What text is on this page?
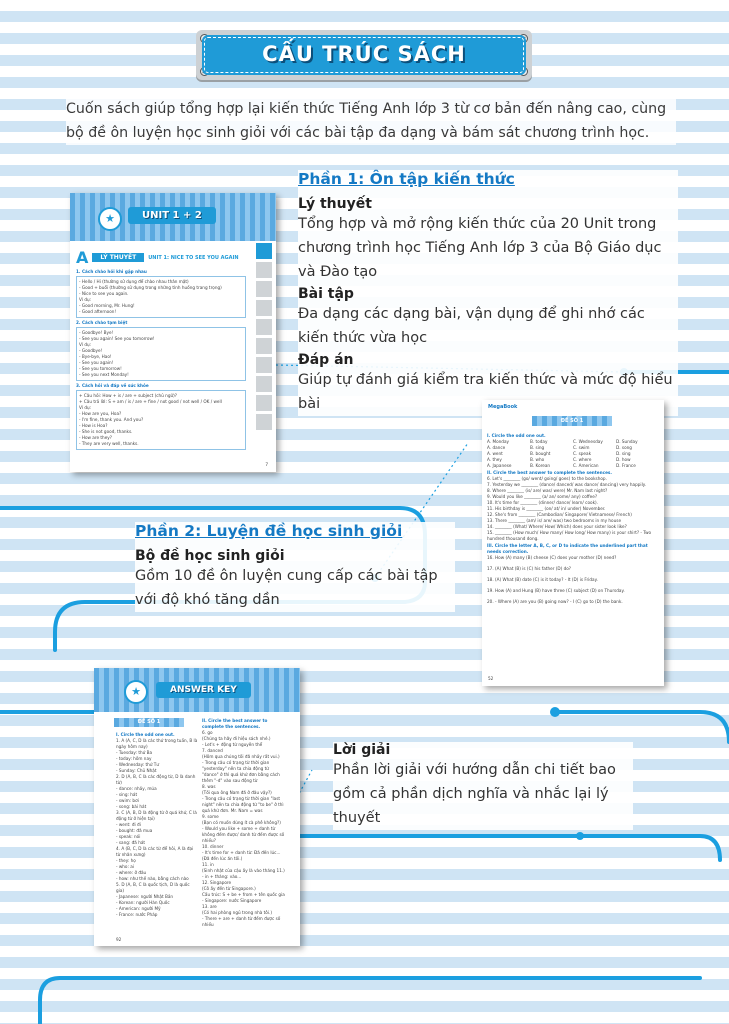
CẤU TRÚC SÁCH
Cuốn sách giúp tổng hợp lại kiến thức Tiếng Anh lớp 3 từ cơ bản đến nâng cao, cùng bộ đề ôn luyện học sinh giỏi với các bài tập đa dạng và bám sát chương trình học.
Phần 1: Ôn tập kiến thức
Lý thuyết
Tổng hợp và mở rộng kiến thức của 20 Unit trong chương trình học Tiếng Anh lớp 3 của Bộ Giáo dục và Đào tạo
Bài tập
Đa dạng các dạng bài, vận dụng để ghi nhớ các kiến thức vừa học
Đáp án
Giúp tự đánh giá kiểm tra kiến thức và mức độ hiểu bài
Phần 2: Luyện đề học sinh giỏi
Bộ đề học sinh giỏi
Gồm 10 đề ôn luyện cung cấp các bài tập với độ khó tăng dần
Lời giải
Phần lời giải với hướng dẫn chi tiết bao gồm cả phần dịch nghĩa và nhắc lại lý thuyết
★	UNIT 1 + 2
A	LÝ THUYẾT	UNIT 1: NICE TO SEE YOU AGAIN
1. Cách chào hỏi khi gặp nhau
- Hello / Hi (thường sử dụng để chào nhau thân mật)
- Good + buổi (thường sử dụng trong những tình huống trang trọng)
- Nice to see you again.
Ví dụ:
- Good morning, Mr. Hung!
- Good afternoon!
2. Cách chào tạm biệt
- Goodbye! Bye!
- See you again! See you tomorrow!
Ví dụ:
- Goodbye!
- Bye-bye, Hao!
- See you again!
- See you tomorrow!
- See you next Monday!
3. Cách hỏi và đáp về sức khỏe
+ Câu hỏi: How + is / are + subject (chủ ngữ)?
+ Câu trả lời: S + am / is / are + fine / not good / not well / OK / well
Ví dụ:
- How are you, Hoa?
- I'm fine, thank you. And you?
- How is Hoa?
- She is not good, thanks.
- How are they?
- They are very well, thanks.
7
MegaBook
ĐỀ SỐ 1
I. Circle the odd one out.
A. Monday	B. today	C. Wednesday	D. Sunday
A. dance	B. sing	C. swim	D. song
A. went	B. bought	C. speak	D. sing
A. they	B. who	C. where	D. how
A. Japanese	B. Korean	C. American	D. France
II. Circle the best answer to complete the sentences.
6. Let's ________ (go/ went/ going/ goes) to the bookshop.
7. Yesterday we ________ (dance/ danced/ was dance/ dancing) very happily.
8. Where ________ (is/ are/ was/ were) Mr. Nam last night?
9. Would you like ________ (a/ an/ some/ any) coffee?
10. It's time for ________ (dinner/ dance/ learn/ cook).
11. His birthday is ________ (on/ at/ in/ under) November.
12. She's from ________ (Cambodian/ Singapore/ Vietnamese/ French)
13. There ________ (am/ is/ are/ was) two bedrooms in my house
14. ________ (What/ Where/ How/ Which) does your sister look like?
15. ________ (How much/ How many/ How long/ How many) is your shirt? - Two hundred thousand dong.
III. Circle the letter A, B, C, or D to indicate the underlined part that needs correction.
16. How (A) many (B) cheese (C) does your mother (D) need?
17. (A) What (B) is (C) his father (D) do?
18. (A) What (B) date (C) is it today? - It (D) is Friday.
19. How (A) and Hung (B) have three (C) subject (D) on Thursday.
20. - Where (A) are you (B) going now? - I (C) go to (D) the bank.
52
★	ANSWER KEY
ĐỀ SỐ 1
I. Circle the odd one out.
1. A (A, C, D là các thứ trong tuần, B là ngày hôm nay)
- Tuesday: thứ Ba
- today: hôm nay
- Wednesday: thứ Tư
- Sunday: Chủ Nhật
2. D (A, B, C là các động từ, D là danh từ)
- dance: nhảy, múa
- sing: hát
- swim: bơi
- song: bài hát
3. C (A, B, D là động từ ở quá khứ, C là động từ ở hiện tại)
- went: đi đi
- bought: đã mua
- speak: nói
- sang: đã hát
4. A (B, C, D là các từ để hỏi, A là đại từ nhân xưng)
- they: họ
- who: ai
- where: ở đâu
- how: như thế nào, bằng cách nào
5. D (A, B, C là quốc tịch, D là quốc gia)
- Japanese: người Nhật Bản
- Korean: người Hàn Quốc
- American: người Mỹ
- France: nước Pháp
II. Circle the best answer to complete the sentences.
6. go
(Chúng ta hãy đi hiệu sách nhé.)
- Let's + động từ nguyên thể
7. danced
(Hôm qua chúng tôi đã nhảy rất vui.)
- Trong câu có trạng từ thời gian "yesterday" nên ta chia động từ "dance" ở thì quá khứ đơn bằng cách thêm "-d" vào sau động từ
8. was
(Tối qua ông Nam đã ở đâu vậy?)
- Trong câu có trạng từ thời gian "last night" nên ta chia động từ "to be" ở thì quá khứ đơn. Mr. Nam = was
9. some
(Bạn có muốn dùng ít cà phê không?)
- Would you like + some + danh từ không đếm được/ danh từ đếm được số nhiều?
10. dinner
- It's time for + danh từ: Đã đến lúc...
(Đã đến lúc ăn tối.)
11. in
(Sinh nhật của cậu ấy là vào tháng 11.)
- in + tháng: vào...
12. Singapore
(Cô ấy đến từ Singapore.)
Cấu trúc: S + be + from + tên quốc gia
- Singapore: nước Singapore
13. are
(Có hai phòng ngủ trong nhà tôi.)
- There + are + danh từ đếm được số nhiều
92
